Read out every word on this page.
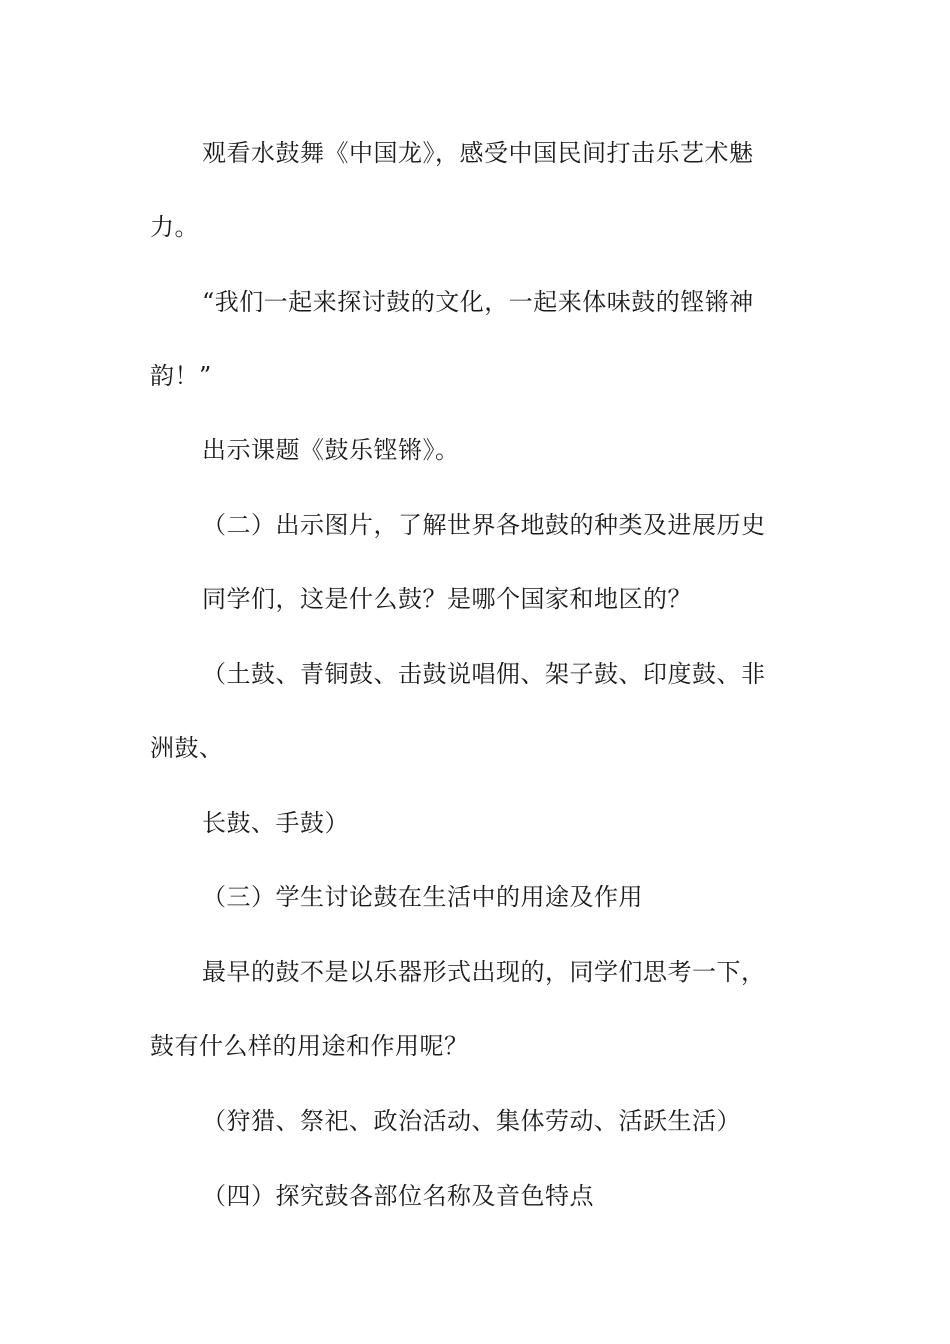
观看水鼓舞《中国龙》，感受中国民间打击乐艺术魅
力。
“我们一起来探讨鼓的文化，一起来体味鼓的铿锵神
韵！”
出示课题《鼓乐铿锵》。
（二）出示图片，了解世界各地鼓的种类及进展历史
同学们，这是什么鼓？是哪个国家和地区的？
（土鼓、青铜鼓、击鼓说唱佣、架子鼓、印度鼓、非
洲鼓、
长鼓、手鼓）
（三）学生讨论鼓在生活中的用途及作用
最早的鼓不是以乐器形式出现的，同学们思考一下，
鼓有什么样的用途和作用呢？
（狩猎、祭祀、政治活动、集体劳动、活跃生活）
（四）探究鼓各部位名称及音色特点
